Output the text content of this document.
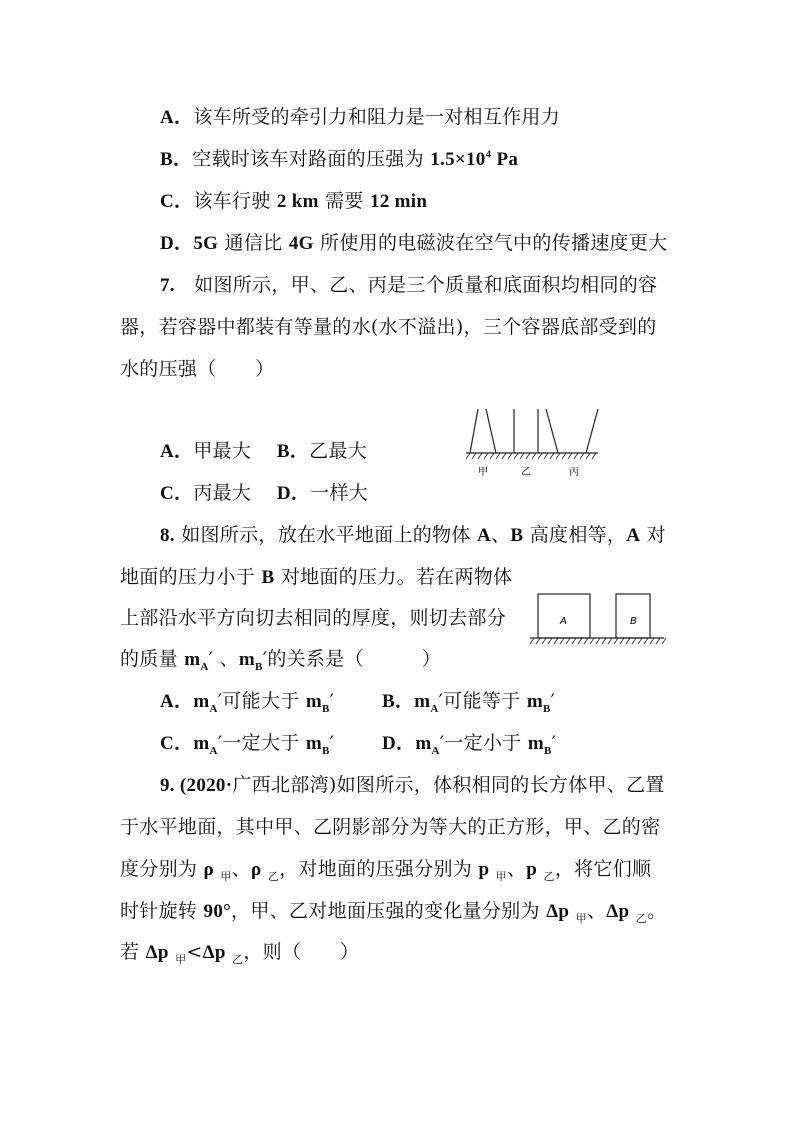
A．该车所受的牵引力和阻力是一对相互作用力
B．空载时该车对路面的压强为 $1.5\times 10^4$ Pa
C．该车行驶 2 km 需要 12 min
D．5G 通信比 4G 所使用的电磁波在空气中的传播速度更大
7.　如图所示，甲、乙、丙是三个质量和底面积均相同的容
器，若容器中都装有等量的水(水不溢出)，三个容器底部受到的
水的压强（　　）
A．甲最大　 B．乙最大
C．丙最大　 D．一样大
甲	乙	丙
8. 如图所示，放在水平地面上的物体 A、B 高度相等，A 对
地面的压力小于 B 对地面的压力。若在两物体
上部沿水平方向切去相同的厚度，则切去部分
的质量 $m_A'$ 、$m_B'$的关系是（　　　）
A	B
A．$m_A'$可能大于 $m_B'$	B．$m_A'$可能等于 $m_B'$
C．$m_A'$一定大于 $m_B'$	D．$m_A'$一定小于 $m_B'$
9. (2020·广西北部湾)如图所示，体积相同的长方体甲、乙置
于水平地面，其中甲、乙阴影部分为等大的正方形，甲、乙的密
度分别为 ρ $_甲$、ρ $_乙$，对地面的压强分别为 p $_甲$、p $_乙$，将它们顺
时针旋转 90°，甲、乙对地面压强的变化量分别为 Δp $_甲$、Δp $_乙$。
若 Δp $_甲$<Δp $_乙$，则（　　）
